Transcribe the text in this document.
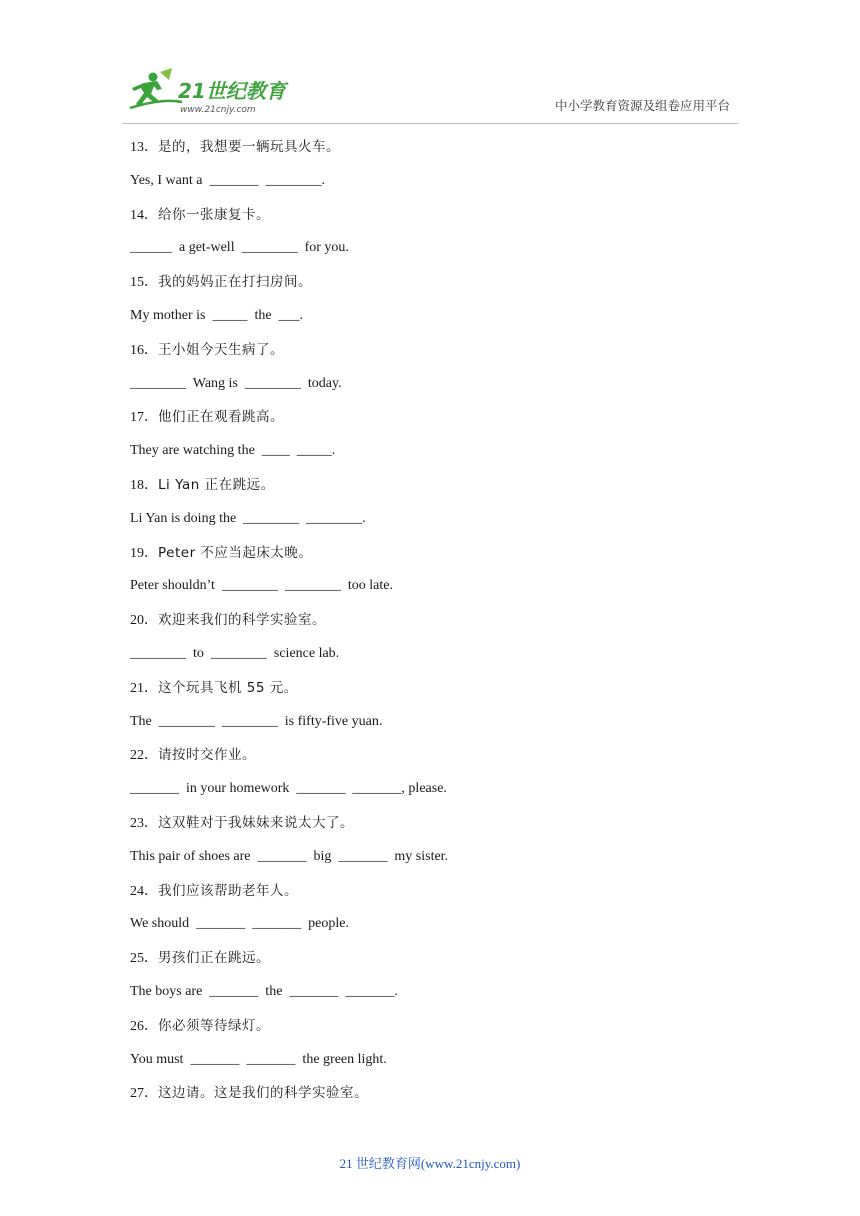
21世纪教育
www.21cnjy.com	中小学教育资源及组卷应用平台
13．是的，我想要一辆玩具火车。
Yes, I want a  _______  ________.
14．给你一张康复卡。
______  a get-well  ________  for you.
15．我的妈妈正在打扫房间。
My mother is  _____  the  ___.
16．王小姐今天生病了。
________  Wang is  ________  today.
17．他们正在观看跳高。
They are watching the  ____  _____.
18．Li Yan 正在跳远。
Li Yan is doing the  ________  ________.
19．Peter 不应当起床太晚。
Peter shouldn’t  ________  ________  too late.
20．欢迎来我们的科学实验室。
________  to  ________  science lab.
21．这个玩具飞机 55 元。
The  ________  ________  is fifty-five yuan.
22．请按时交作业。
_______  in your homework  _______  _______, please.
23．这双鞋对于我妹妹来说太大了。
This pair of shoes are  _______  big  _______  my sister.
24．我们应该帮助老年人。
We should  _______  _______  people.
25．男孩们正在跳远。
The boys are  _______  the  _______  _______.
26．你必须等待绿灯。
You must  _______  _______  the green light.
27．这边请。这是我们的科学实验室。
21 世纪教育网(www.21cnjy.com)
